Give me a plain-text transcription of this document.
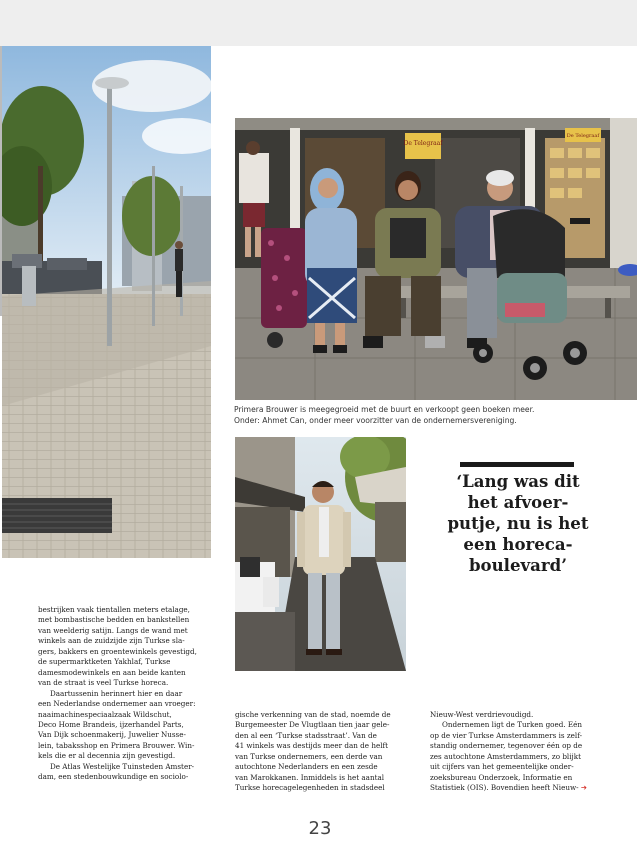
De Telegraaf
De Telegraaf

Primera Brouwer is meegegroeid met de buurt en verkoopt geen boeken meer.

Onder: Ahmet Can, onder meer voorzitter van de ondernemersvereniging.

‘Lang was dit
het afvoer-
putje, nu is het
een horeca-
boulevard’

bestrijken vaak tientallen meters etalage,
met bombastische bedden en bankstellen
van weelderig satijn. Langs de wand met
winkels aan de zuidzijde zijn Turkse sla-
gers, bakkers en groentewinkels gevestigd,
de supermarktketen Yakhlaf, Turkse
damesmodewinkels en aan beide kanten
van de straat is veel Turkse horeca.

Daartussenin herinnert hier en daar
een Nederlandse ondernemer aan vroeger:
naaimachinespeciaalzaak Wildschut,
Deco Home Brandeis, ijzerhandel Parts,
Van Dijk schoenmakerij, Juwelier Nusse-
lein, tabaksshop en Primera Brouwer. Win-
kels die er al decennia zijn gevestigd.

De Atlas Westelijke Tuinsteden Amster-
dam, een stedenbouwkundige en sociolo-

gische verkenning van de stad, noemde de
Burgemeester De Vlugtlaan tien jaar gele-
den al een ‘Turkse stadsstraat’. Van de
41 winkels was destijds meer dan de helft
van Turkse ondernemers, een derde van
autochtone Nederlanders en een zesde
van Marokkanen. Inmiddels is het aantal
Turkse horecagelegenheden in stadsdeel

Nieuw-West verdrievoudigd.

Ondernemen ligt de Turken goed. Eén
op de vier Turkse Amsterdammers is zelf-
standig ondernemer, tegenover één op de
zes autochtone Amsterdammers, zo blijkt
uit cijfers van het gemeentelijke onder-
zoeksbureau Onderzoek, Informatie en
Statistiek (OIS). Bovendien heeft Nieuw- ➔

23
